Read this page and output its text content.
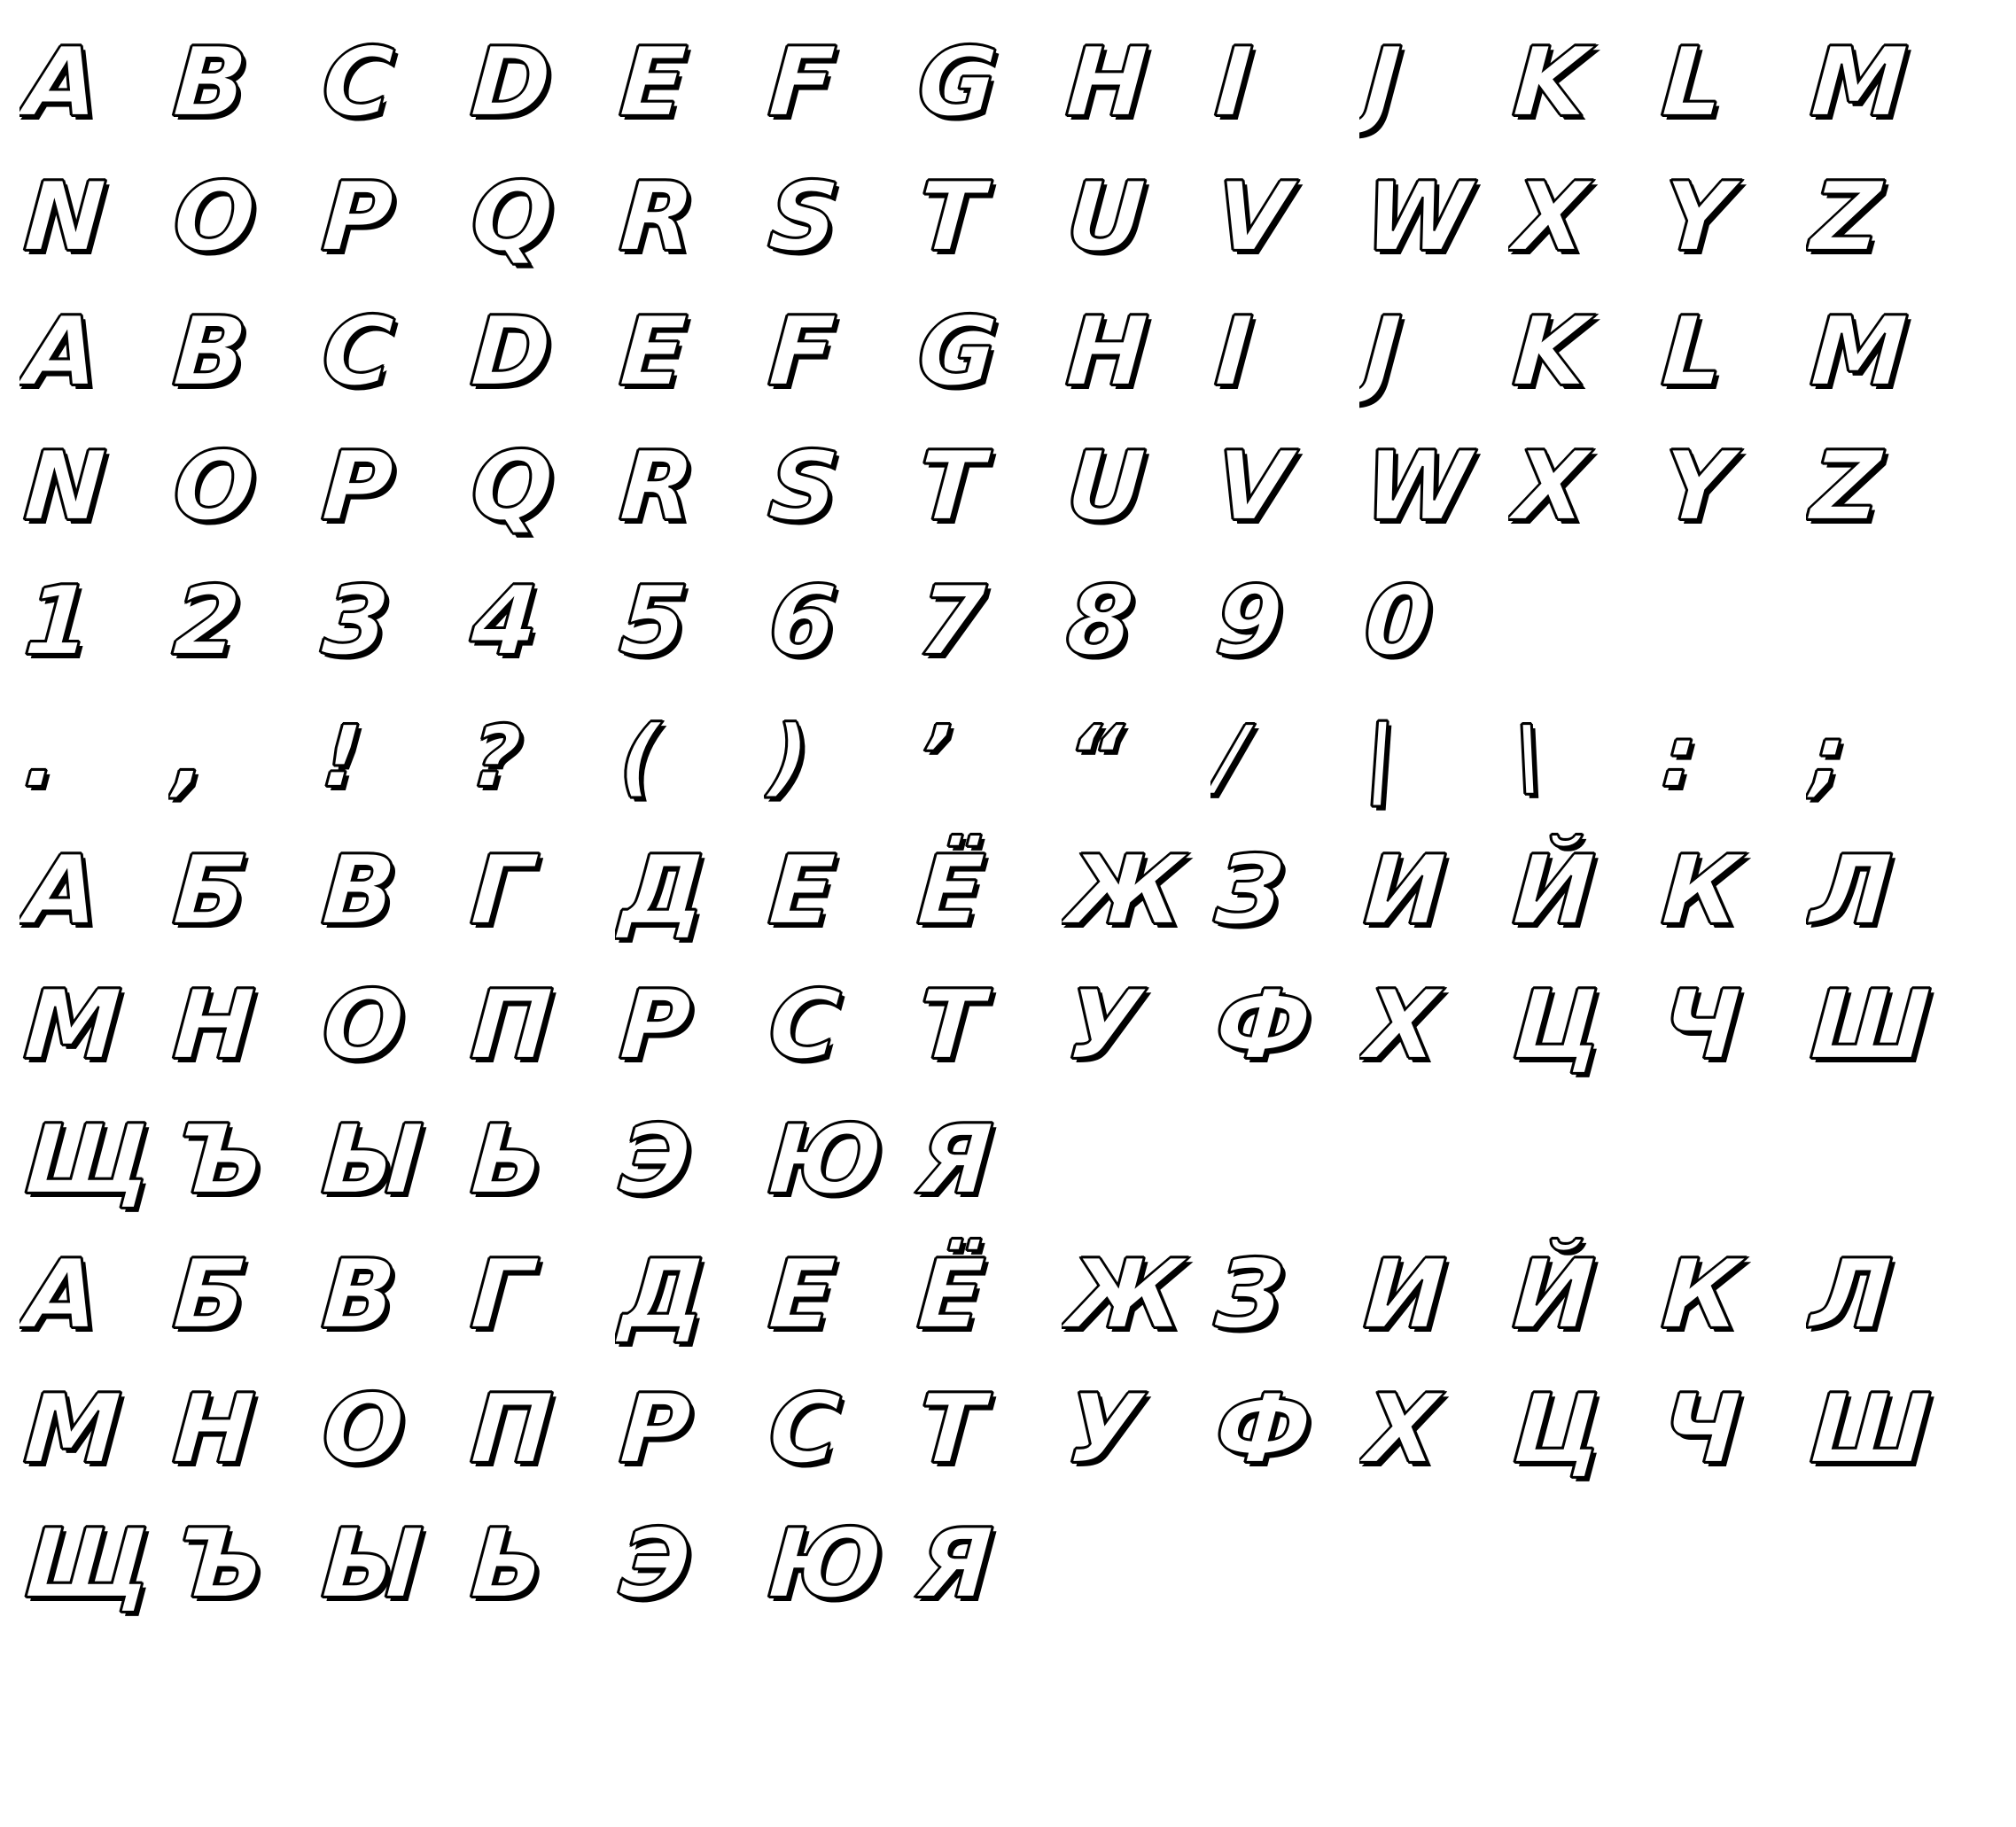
A B C D E F G H I J K L M
N O P Q R S T U V W X Y Z
A B C D E F G H I J K L M
N O P Q R S T U V W X Y Z
1 2 3 4 5 6 7 8 9 0
. , ! ? ( ) ’ “ / | \ : ;
А Б В Г Д Е Ё Ж З И Й К Л
М Н О П Р С Т У Ф Х Ц Ч Ш
Щ Ъ Ы Ь Э Ю Я
А Б В Г Д Е Ё Ж З И Й К Л
М Н О П Р С Т У Ф Х Ц Ч Ш
Щ Ъ Ы Ь Э Ю Я
